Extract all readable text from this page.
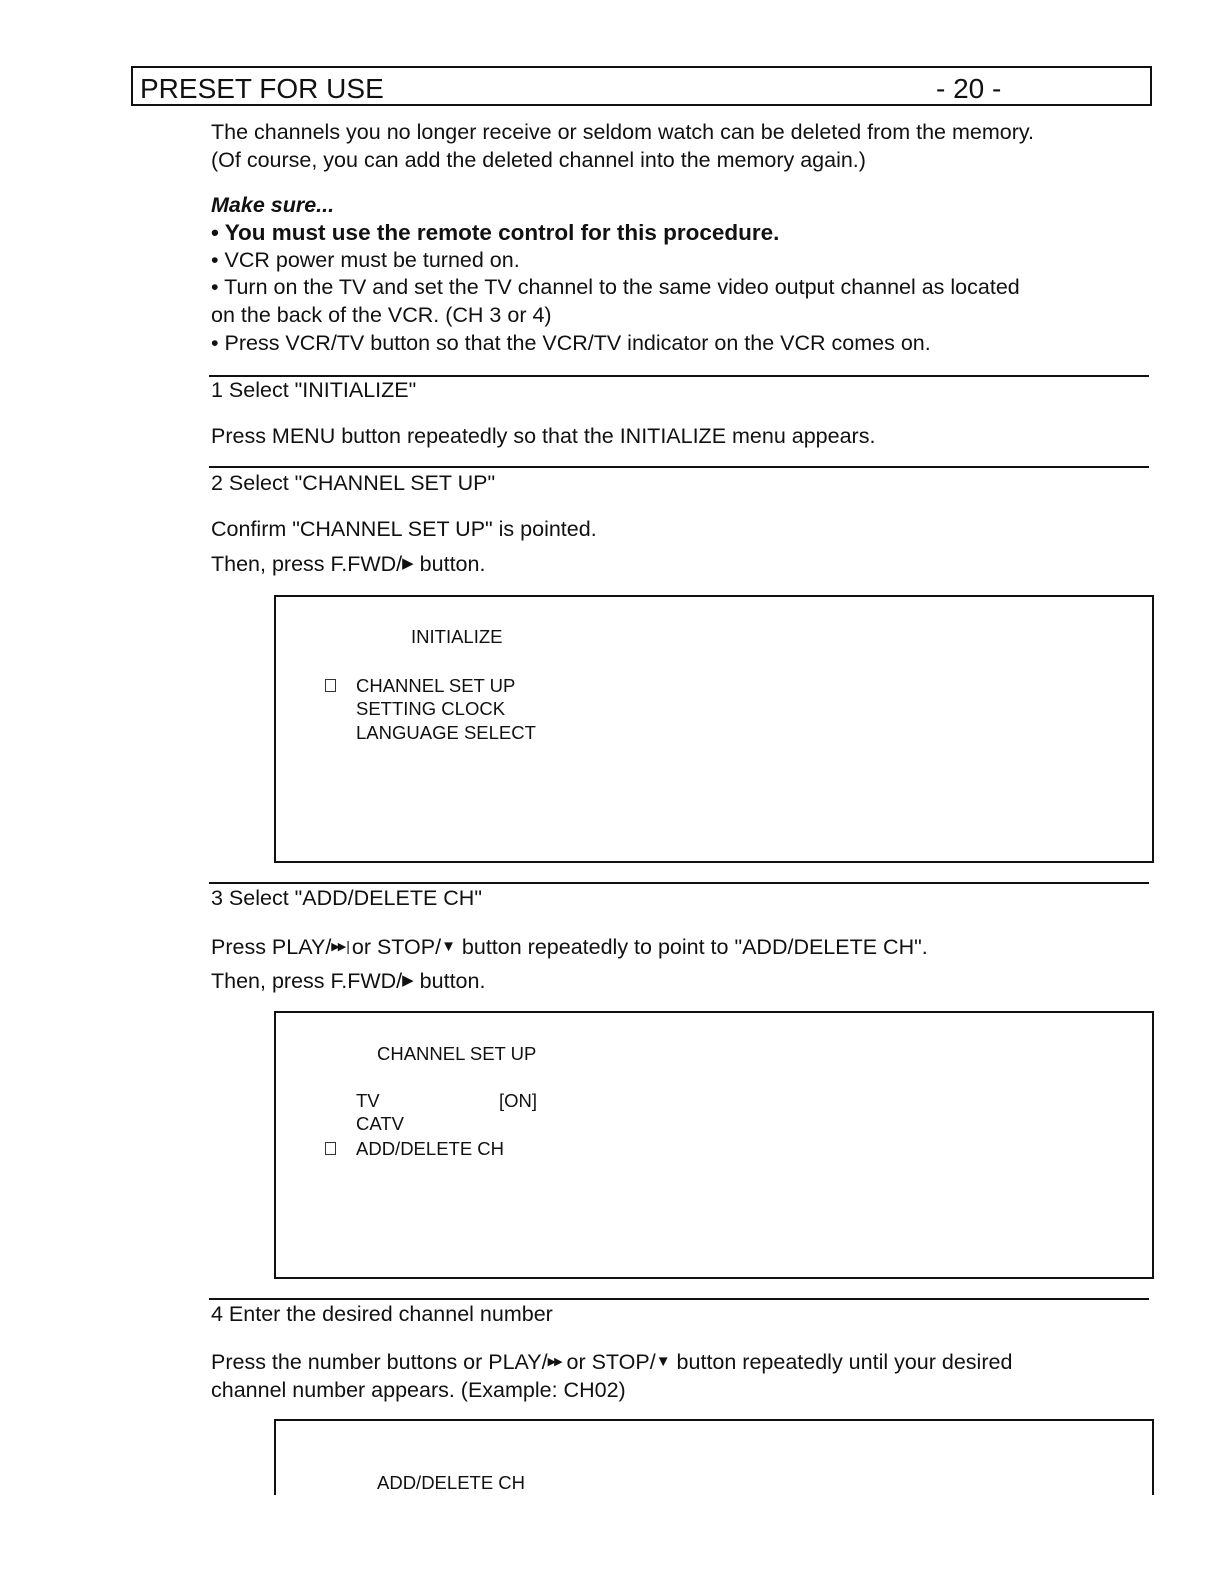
PRESET FOR USE	- 20 -
The channels you no longer receive or seldom watch can be deleted from the memory.
(Of course, you can add the deleted channel into the memory again.)
Make sure...
• You must use the remote control for this procedure.
• VCR power must be turned on.
• Turn on the TV and set the TV channel to the same video output channel as located
on the back of the VCR. (CH 3 or 4)
• Press VCR/TV button so that the VCR/TV indicator on the VCR comes on.
1 Select "INITIALIZE"
Press MENU button repeatedly so that the INITIALIZE menu appears.
2 Select "CHANNEL SET UP"
Confirm "CHANNEL SET UP" is pointed.
Then, press F.FWD/▶ button.
INITIALIZE
CHANNEL SET UP
SETTING CLOCK
LANGUAGE SELECT
3 Select "ADD/DELETE CH"
Press PLAY/▶▶ |or STOP/▼ button repeatedly to point to "ADD/DELETE CH".
Then, press F.FWD/▶ button.
CHANNEL SET UP
TV	[ON]
CATV
ADD/DELETE CH
4 Enter the desired channel number
Press the number buttons or PLAY/▶▶ or STOP/▼ button repeatedly until your desired
channel number appears. (Example: CH02)
ADD/DELETE CH
